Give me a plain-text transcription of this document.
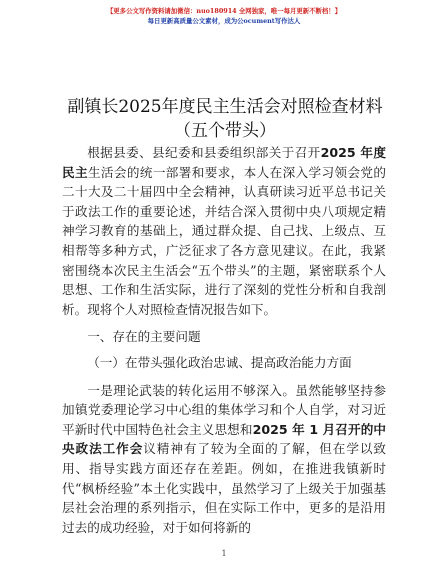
【更多公文写作资料请加微信：nuo180914 全网独家，唯一每月更新不断档！】
每日更新高质量公文素材，成为公ocument写作达人
副镇长2025年度民主生活会对照检查材料（五个带头）

根据县委、县纪委和县委组织部关于召开2025 年度民主生活会的统一部署和要求，本人在深入学习领会党的二十大及二十届四中全会精神，认真研读习近平总书记关于政法工作的重要论述，并结合深入贯彻中央八项规定精神学习教育的基础上，通过群众提、自己找、上级点、互相帮等多种方式，广泛征求了各方意见建议。在此，我紧密围绕本次民主生活会“五个带头”的主题，紧密联系个人思想、工作和生活实际，进行了深刻的党性分析和自我剖析。现将个人对照检查情况报告如下。

一、存在的主要问题

（一）在带头强化政治忠诚、提高政治能力方面

一是理论武装的转化运用不够深入。虽然能够坚持参加镇党委理论学习中心组的集体学习和个人自学，对习近平新时代中国特色社会主义思想和2025 年 1 月召开的中央政法工作会议精神有了较为全面的了解，但在学以致用、指导实践方面还存在差距。例如，在推进我镇新时代“枫桥经验”本土化实践中，虽然学习了上级关于加强基层社会治理的系列指示，但在实际工作中，更多的是沿用过去的成功经验，对于如何将新的

1
